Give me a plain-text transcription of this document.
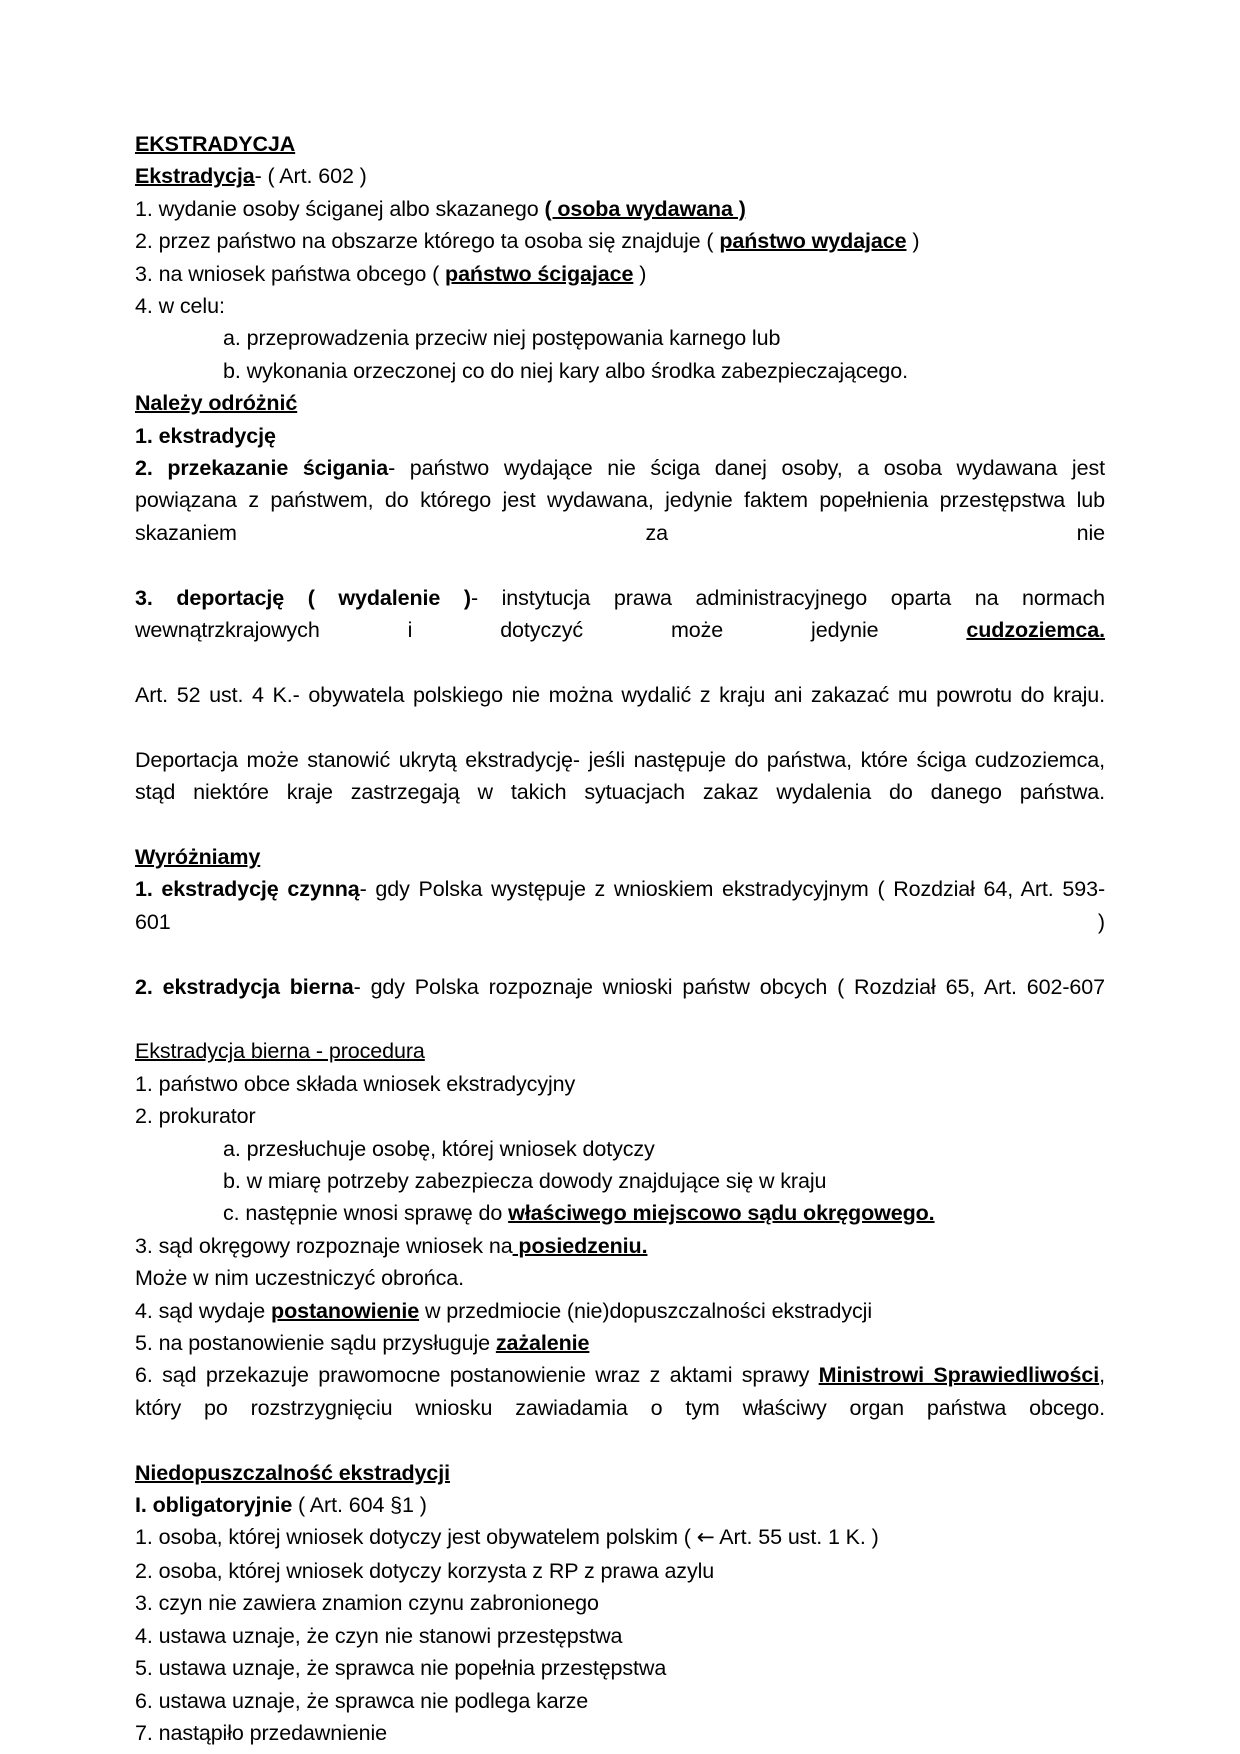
EKSTRADYCJA

Ekstradycja- ( Art. 602 )

1. wydanie osoby ściganej albo skazanego ( osoba wydawana )

2. przez państwo na obszarze którego ta osoba się znajduje ( państwo wydajace )

3. na wniosek państwa obcego ( państwo ścigajace )

4. w celu:

a. przeprowadzenia przeciw niej postępowania karnego lub

b. wykonania orzeczonej co do niej kary albo środka zabezpieczającego.

Należy odróżnić

1. ekstradycję

2. przekazanie ścigania- państwo wydające nie ściga danej osoby, a osoba wydawana jest powiązana z państwem, do którego jest wydawana, jedynie faktem popełnienia przestępstwa lub skazaniem za nie

3. deportację ( wydalenie )- instytucja prawa administracyjnego oparta na normach wewnątrzkrajowych i dotyczyć może jedynie cudzoziemca.

Art. 52 ust. 4 K.- obywatela polskiego nie można wydalić z kraju ani zakazać mu powrotu do kraju.

Deportacja może stanowić ukrytą ekstradycję- jeśli następuje do państwa, które ściga cudzoziemca, stąd niektóre kraje zastrzegają w takich sytuacjach zakaz wydalenia do danego państwa.

Wyróżniamy

1. ekstradycję czynną- gdy Polska występuje z wnioskiem ekstradycyjnym ( Rozdział 64, Art. 593- 601 )

2. ekstradycja bierna- gdy Polska rozpoznaje wnioski państw obcych ( Rozdział 65, Art. 602-607

Ekstradycja bierna - procedura

1. państwo obce składa wniosek ekstradycyjny

2. prokurator

a. przesłuchuje osobę, której wniosek dotyczy

b. w miarę potrzeby zabezpiecza dowody znajdujące się w kraju

c. następnie wnosi sprawę do właściwego miejscowo sądu okręgowego.

3. sąd okręgowy rozpoznaje wniosek na posiedzeniu.

Może w nim uczestniczyć obrońca.

4. sąd wydaje postanowienie w przedmiocie (nie)dopuszczalności ekstradycji

5. na postanowienie sądu przysługuje zażalenie

6. sąd przekazuje prawomocne postanowienie wraz z aktami sprawy Ministrowi Sprawiedliwości, który po rozstrzygnięciu wniosku zawiadamia o tym właściwy organ państwa obcego.

Niedopuszczalność ekstradycji

I. obligatoryjnie ( Art. 604 §1 )

1. osoba, której wniosek dotyczy jest obywatelem polskim ( ← Art. 55 ust. 1 K. )

2. osoba, której wniosek dotyczy korzysta z RP z prawa azylu

3. czyn nie zawiera znamion czynu zabronionego

4. ustawa uznaje, że czyn nie stanowi przestępstwa

5. ustawa uznaje, że sprawca nie popełnia przestępstwa

6. ustawa uznaje, że sprawca nie podlega karze

7. nastąpiło przedawnienie
